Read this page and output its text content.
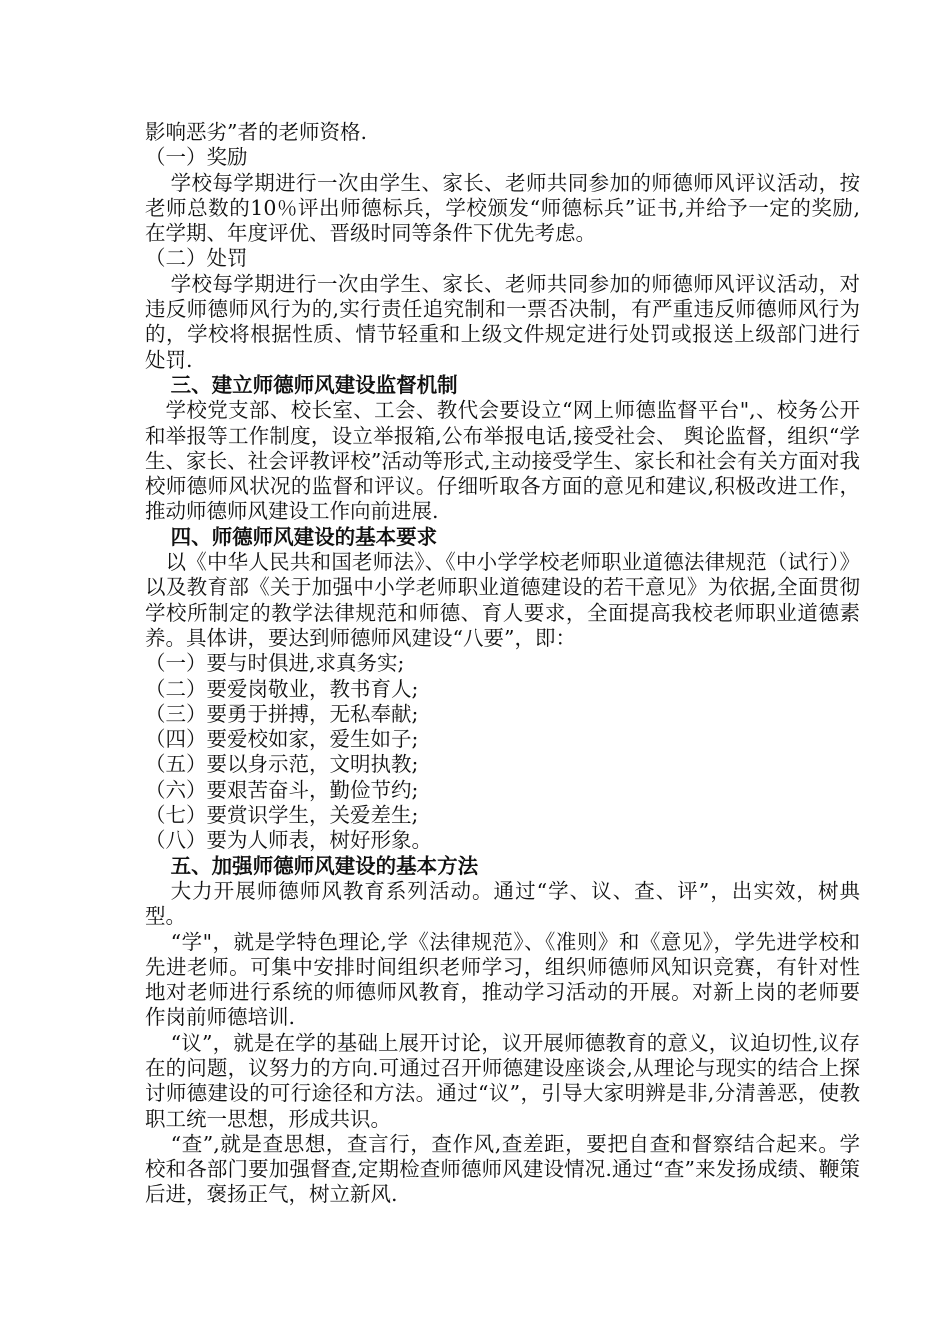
影响恶劣”者的老师资格.

（一）奖励

学校每学期进行一次由学生、家长、老师共同参加的师德师风评议活动，按老师总数的10％评出师德标兵，学校颁发“师德标兵”证书,并给予一定的奖励,在学期、年度评优、晋级时同等条件下优先考虑。

（二）处罚

学校每学期进行一次由学生、家长、老师共同参加的师德师风评议活动，对违反师德师风行为的,实行责任追究制和一票否决制，有严重违反师德师风行为的，学校将根据性质、情节轻重和上级文件规定进行处罚或报送上级部门进行处罚.

三、建立师德师风建设监督机制

学校党支部、校长室、工会、教代会要设立“网上师德监督平台",、校务公开和举报等工作制度，设立举报箱,公布举报电话,接受社会、 舆论监督，组织“学生、家长、社会评教评校”活动等形式,主动接受学生、家长和社会有关方面对我校师德师风状况的监督和评议。仔细听取各方面的意见和建议,积极改进工作，推动师德师风建设工作向前进展.

四、师德师风建设的基本要求

以《中华人民共和国老师法》、《中小学学校老师职业道德法律规范（试行）》以及教育部《关于加强中小学老师职业道德建设的若干意见》为依据,全面贯彻学校所制定的教学法律规范和师德、育人要求，全面提高我校老师职业道德素养。具体讲，要达到师德师风建设“八要”，即：

（一）要与时俱进,求真务实;

（二）要爱岗敬业，教书育人;

（三）要勇于拼搏，无私奉献;

（四）要爱校如家，爱生如子;

（五）要以身示范，文明执教;

（六）要艰苦奋斗，勤俭节约;

（七）要赏识学生，关爱差生;

（八）要为人师表，树好形象。

五、加强师德师风建设的基本方法

大力开展师德师风教育系列活动。通过“学、议、查、评”，出实效，树典型。

“学"，就是学特色理论,学《法律规范》、《准则》和《意见》，学先进学校和先进老师。可集中安排时间组织老师学习，组织师德师风知识竞赛，有针对性地对老师进行系统的师德师风教育，推动学习活动的开展。对新上岗的老师要作岗前师德培训.

“议”，就是在学的基础上展开讨论，议开展师德教育的意义，议迫切性,议存在的问题，议努力的方向.可通过召开师德建设座谈会,从理论与现实的结合上探讨师德建设的可行途径和方法。通过“议”，引导大家明辨是非,分清善恶，使教职工统一思想，形成共识。

“查”,就是查思想，查言行，查作风,查差距，要把自查和督察结合起来。学校和各部门要加强督查,定期检查师德师风建设情况.通过“查”来发扬成绩、鞭策后进，褒扬正气，树立新风.
